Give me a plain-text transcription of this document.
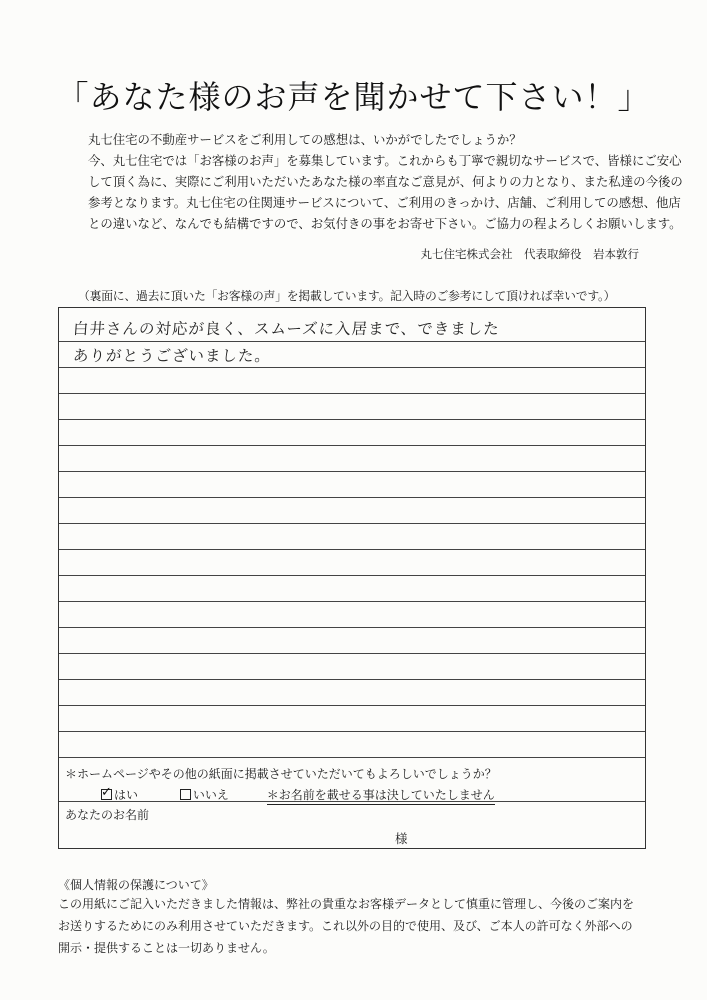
「あなた様のお声を聞かせて下さい！」
丸七住宅の不動産サービスをご利用しての感想は、いかがでしたでしょうか？
今、丸七住宅では「お客様のお声」を募集しています。これからも丁寧で親切なサービスで、皆様にご安心
して頂く為に、実際にご利用いただいたあなた様の率直なご意見が、何よりの力となり、また私達の今後の
参考となります。丸七住宅の住関連サービスについて、ご利用のきっかけ、店舗、ご利用しての感想、他店
との違いなど、なんでも結構ですので、お気付きの事をお寄せ下さい。ご協力の程よろしくお願いします。
丸七住宅株式会社　代表取締役　岩本敦行
（裏面に、過去に頂いた「お客様の声」を掲載しています。記入時のご参考にして頂ければ幸いです。）
白井さんの対応が良く、スムーズに入居まで、できました
ありがとうございました。
＊ホームページやその他の紙面に掲載させていただいてもよろしいでしょうか？
✓ はい	いいえ	＊お名前を載せる事は決していたしません
あなたのお名前
様
《個人情報の保護について》
この用紙にご記入いただきました情報は、弊社の貴重なお客様データとして慎重に管理し、今後のご案内を
お送りするためにのみ利用させていただきます。これ以外の目的で使用、及び、ご本人の許可なく外部への
開示・提供することは一切ありません。
